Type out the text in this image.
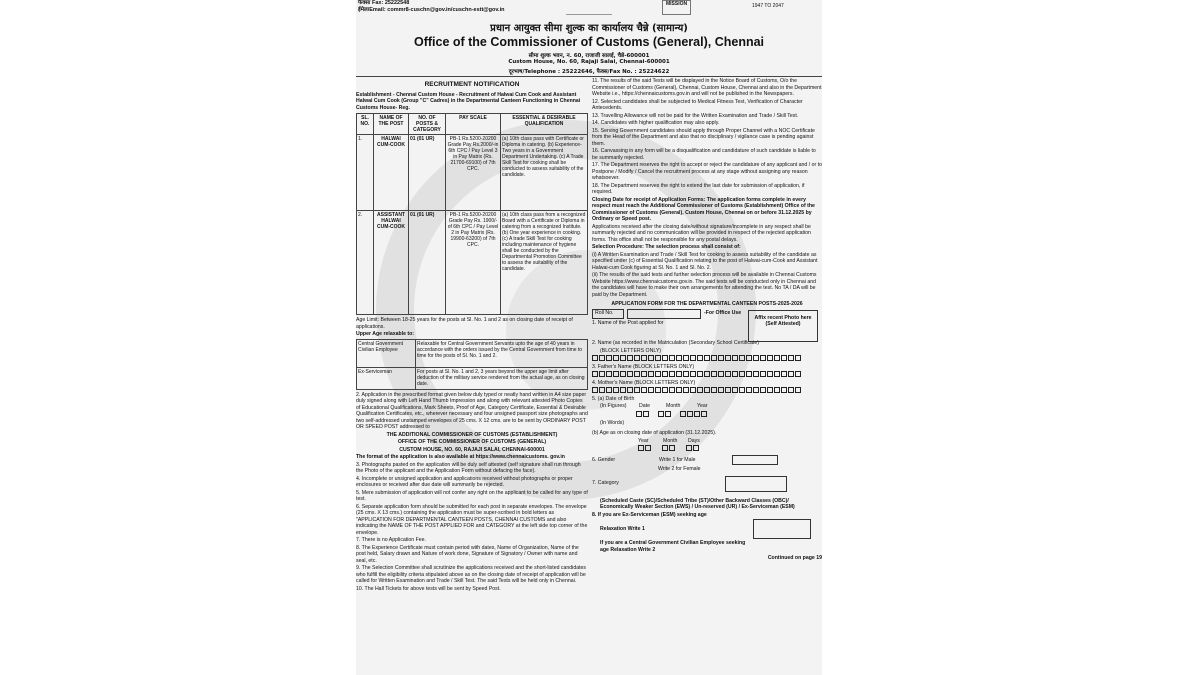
फैक्स/ Fax: 25222548
ईमेल/Email: commr8-cuschn@gov.in/cuschn-estt@gov.in
MISSION	1947 TO 2047
प्रधान आयुक्त सीमा शुल्क का कार्यालय चैन्ने (सामान्य)
Office of the Commissioner of Customs (General), Chennai
सीमा शुल्क भवन, न. 60, राजाजी सालई, चैन्ने-600001
Custom House, No. 60, Rajaji Salai, Chennai-600001
दूरभाष/Telephone : 25222646, फैक्स/Fax No. : 25224622
RECRUITMENT NOTIFICATION

Establishment - Chennai Custom House - Recruitment of Halwai Cum Cook and Assistant Halwai Cum Cook (Group "C" Cadres) in the Departmental Canteen Functioning in Chennai Customs House- Reg.

SL. NO.	NAME OF THE POST	NO. OF POSTS & CATEGORY	PAY SCALE	ESSENTIAL & DESIRABLE QUALIFICATION
1.	HALWAI CUM-COOK	01 (01 UR)	PB-1 Rs.5200-20200 Grade Pay Rs.2000/-in 6th CPC / Pay Level 3 in Pay Matrix (Rs. 21700-69100) of 7th CPC.	(a) 10th class pass with Certificate or Diploma in catering. (b) Experience- Two years in a Government Department Undertaking. (c) A Trade Skill Test for cooking shall be conducted to assess suitability of the candidate.
2.	ASSISTANT HALWAI CUM-COOK	01 (01 UR)	PB-1 Rs.5200-20200 Grade Pay Rs. 1900/- of 6th CPC / Pay Level 2 in Pay Matrix (Rs. 19900-63200) of 7th CPC.	(a) 10th class pass from a recognized Board with a Certificate or Diploma in catering from a recognized Institute. (b) One year experience in cooking. (c) A trade Skill Test for cooking including maintenance of hygiene shall be conducted by the Departmental Promotion Committee to assess the suitability of the candidate.

Age Limit: Between 18-25 years for the posts at Sl. No. 1 and 2 as on closing date of receipt of applications.

Upper Age relaxable to:

Central Government Civilian Employee	Relaxable for Central Government Servants upto the age of 40 years in accordance with the orders issued by the Central Government from time to time for the posts of Sl. No. 1 and 2.
Ex-Serviceman	For posts at Sl. No. 1 and 2, 3 years beyond the upper age limit after deduction of the military service rendered from the actual age, as on closing date.

2. Application in the prescribed format given below duly typed or neatly hand written in A4 size paper duly signed along with Left Hand Thumb Impression and along with relevant attested Photo Copies of Educational Qualifications, Mark Sheets, Proof of Age, Category Certificate, Essential & Desirable Qualification Certificates, etc., wherever necessary and four unsigned passport size photographs and two self-addressed unstamped envelopes of 25 cms. X 12 cms. are to be sent by ORDINARY POST OR SPEED POST addressed to

THE ADDITIONAL COMMISSIONER OF CUSTOMS (ESTABLISHMENT)

OFFICE OF THE COMMISSIONER OF CUSTOMS (GENERAL)

CUSTOM HOUSE, NO. 60, RAJAJI SALAI, CHENNAI-600001

The format of the application is also available at https://www.chennaicustoms. gov.in

3. Photographs pasted on the application will be duly self attested (self signature shall run through the Photo of the applicant and the Application Form without defacing the face).

4. Incomplete or unsigned application and applications received without photographs or proper enclosures or received after due date will summarily be rejected.

5. Mere submission of application will not confer any right on the applicant to be called for any type of test.

6. Separate application form should be submitted for each post in separate envelopes. The envelope (25 cms. X 13 cms.) containing the application must be super-scribed in bold letters as "APPLICATION FOR DEPARTMENTAL CANTEEN POSTS, CHENNAI CUSTOMS and also indicating the NAME OF THE POST APPLIED FOR and CATEGORY at the left side top corner of the envelope.

7. There is no Application Fee.

8. The Experience Certificate must contain period with dates, Name of Organization, Name of the post held, Salary drawn and Nature of work done, Signature of Signatory / Owner with name and seal, etc.

9. The Selection Committee shall scrutinize the applications received and the short-listed candidates who fulfill the eligibility criteria stipulated above as on the closing date of receipt of application will be called for Written Examination and Trade / Skill Test. The said Tests will be held only in Chennai.

10. The Hall Tickets for above tests will be sent by Speed Post.

11. The results of the said Tests will be displayed in the Notice Board of Customs, O/o the Commissioner of Customs (General), Chennai, Custom House, Chennai and also in the Department Website i.e., https://chennaicustoms.gov.in and will not be published in the Newspapers.

12. Selected candidates shall be subjected to Medical Fitness Test, Verification of Character Antecedents.

13. Travelling Allowance will not be paid for the Written Examination and Trade / Skill Test.

14. Candidates with higher qualification may also apply.

15. Serving Government candidates should apply through Proper Channel with a NOC Certificate from the Head of the Department and also that no disciplinary / vigilance case is pending against them.

16. Canvassing in any form will be a disqualification and candidature of such candidate is liable to be summarily rejected.

17. The Department reserves the right to accept or reject the candidature of any applicant and / or to Postpone / Modify / Cancel the recruitment process at any stage without assigning any reason whatsoever.

18. The Department reserves the right to extend the last date for submission of application, if required.

Closing Date for receipt of Application Forms: The application forms complete in every respect must reach the Additional Commissioner of Customs (Establishment) Office of the Commissioner of Customs (General), Custom House, Chennai on or before 31.12.2025 by Ordinary or Speed post.

Applications received after the closing date/without signature/incomplete in any respect shall be summarily rejected and no communication will be provided in respect of the rejected application forms. This office shall not be responsible for any postal delays.

Selection Procedure: The selection process shall consist of:

(i) A Written Examination and Trade / Skill Test for cooking to assess suitability of the candidate as specified under (c) of Essential Qualification relating to the post of Halwai-cum-Cook and Assistant Halwai-cum Cook figuring at Sl. No. 1 and Sl. No. 2.

(ii) The results of the said tests and further selection process will be available in Chennai Customs Website https://www.chennaicustoms.gov.in. The said tests will be conducted only in Chennai and the candidates will have to make their own arrangements for attending the test. No TA / DA will be paid by the Department.

APPLICATION FORM FOR THE DEPARTMENTAL CANTEEN POSTS-2025-2026

Roll No.	-For Office Use

1. Name of the Post applied for

2. Name (as recorded in the Matriculation (Secondary School Certificate)

(BLOCK LETTERS ONLY)

3. Father's Name (BLOCK LETTERS ONLY)

4. Mother's Name (BLOCK LETTERS ONLY)

5. (a) Date of Birth

(In Figures)	Date	Month	Year

(In Words)

(b) Age as on closing date of application (31.12.2025).

Year	Month	Days
6. Gender	Write 1 for Male

Write 2 for Female

7. Category

(Scheduled Caste (SC)/Scheduled Tribe (ST)/Other Backward Classes (OBC)/ Economically Weaker Section (EWS) / Un-reserved (UR) / Ex-Serviceman (ESM)

8. If you are Ex-Serviceman (ESM) seeking age

Relaxation Write 1

If you are a Central Government Civilian Employee seeking age Relaxation Write 2

Continued on page 19

Affix recent Photo here (Self Attested)
